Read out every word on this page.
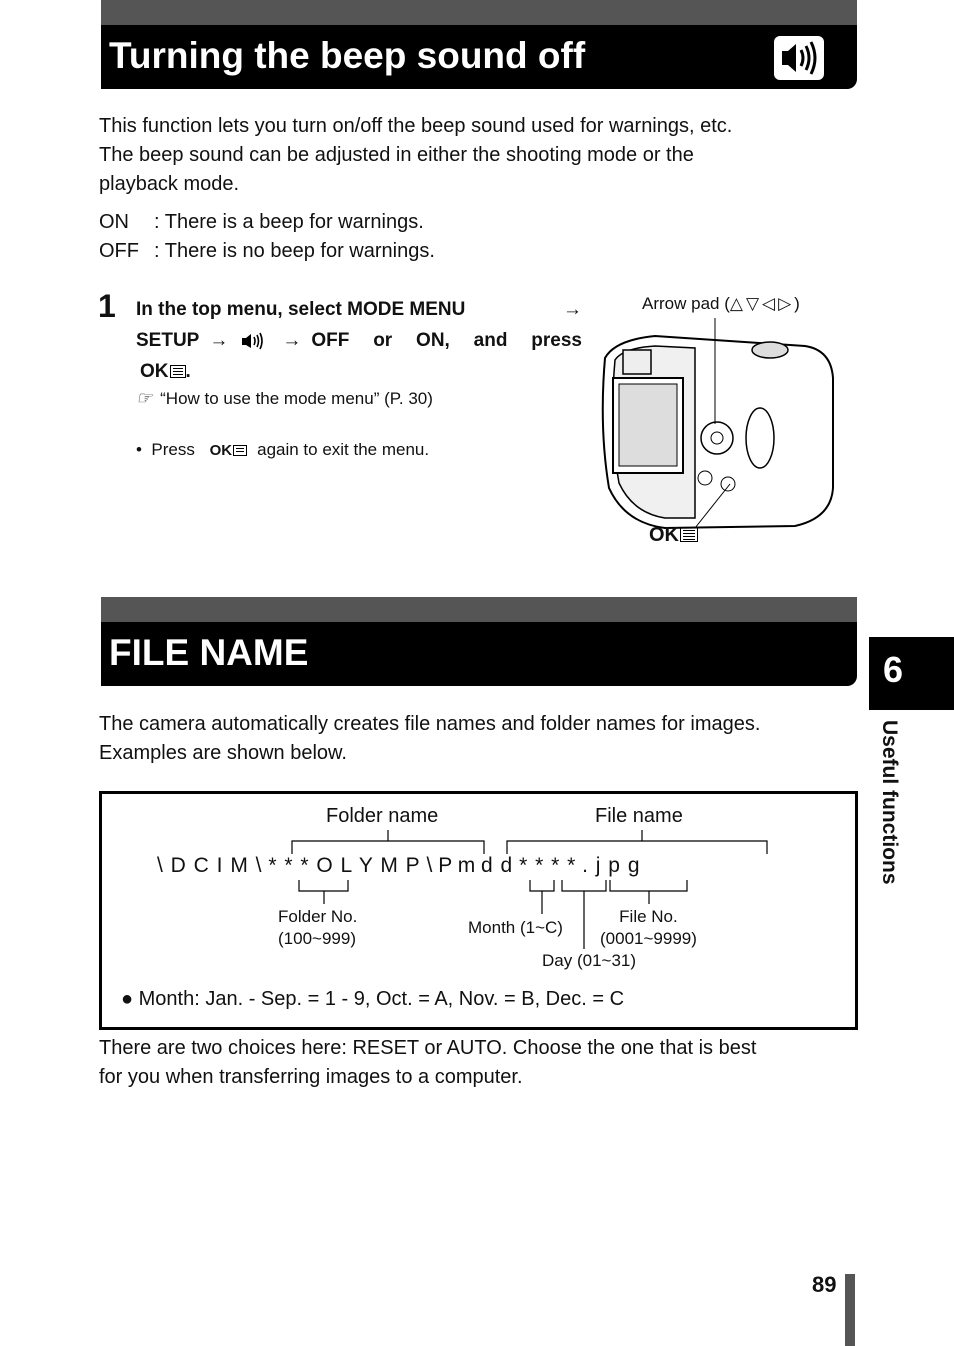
Turning the beep sound off
This function lets you turn on/off the beep sound used for warnings, etc.
The beep sound can be adjusted in either the shooting mode or the
playback mode.
ON : There is a beep for warnings.
OFF : There is no beep for warnings.
1 In the top menu, select MODE MENU	→
SETUP →	→ OFF or ON, and press
OK .
☞ “How to use the mode menu” (P. 30)
•  Press OK again to exit the menu.
Arrow pad (△▽◁▷)
OK
FILE NAME
The camera automatically creates file names and folder names for images.
Examples are shown below.
Folder name	File name
\ D C I M \ * * * O L Y M P \ P m d d * * * * . j p g
Folder No.
(100~999)
Month (1~C)
File No.
(0001~9999)
Day (01~31)
● Month: Jan. - Sep. = 1 - 9, Oct. = A, Nov. = B, Dec. = C
There are two choices here: RESET or AUTO. Choose the one that is best
for you when transferring images to a computer.
6
Useful functions
89
